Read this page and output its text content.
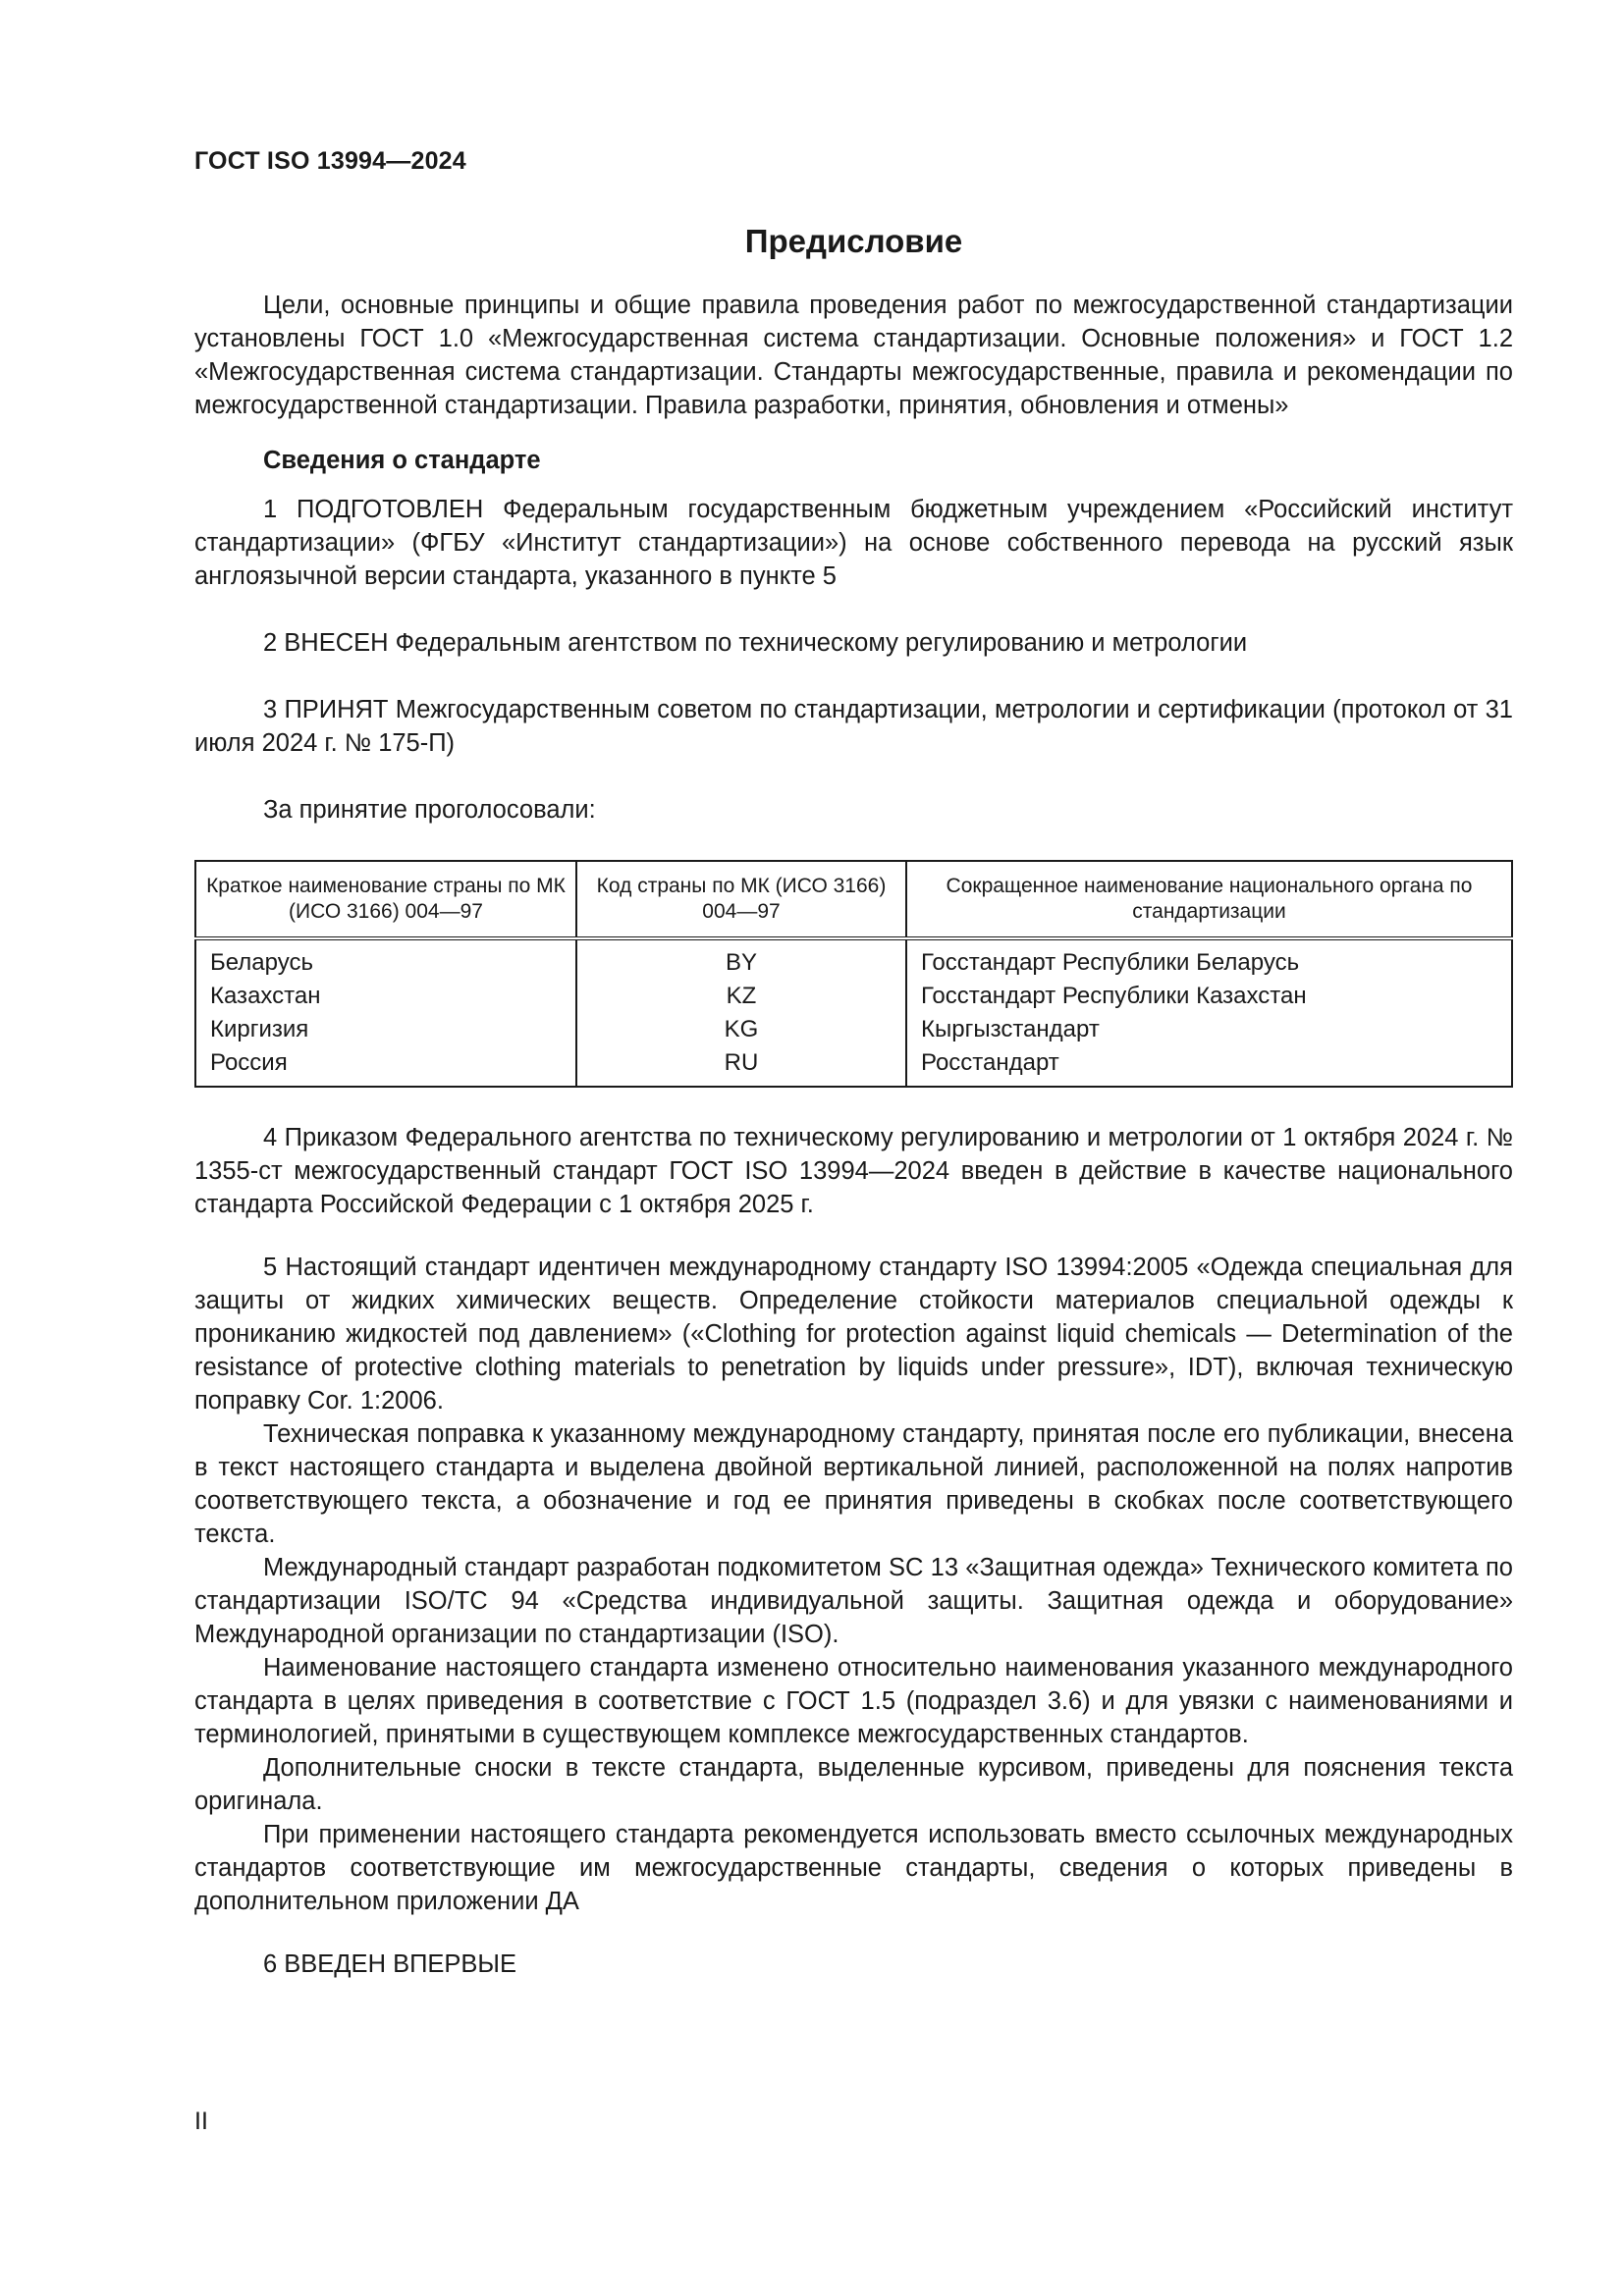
ГОСТ ISO 13994—2024
Предисловие

Цели, основные принципы и общие правила проведения работ по межгосударственной стандартизации установлены ГОСТ 1.0 «Межгосударственная система стандартизации. Основные положения» и ГОСТ 1.2 «Межгосударственная система стандартизации. Стандарты межгосударственные, правила и рекомендации по межгосударственной стандартизации. Правила разработки, принятия, обновления и отмены»

Сведения о стандарте

1 ПОДГОТОВЛЕН Федеральным государственным бюджетным учреждением «Российский институт стандартизации» (ФГБУ «Институт стандартизации») на основе собственного перевода на русский язык англоязычной версии стандарта, указанного в пункте 5

2 ВНЕСЕН Федеральным агентством по техническому регулированию и метрологии

3 ПРИНЯТ Межгосударственным советом по стандартизации, метрологии и сертификации (протокол от 31 июля 2024 г. № 175-П)

За принятие проголосовали:

Краткое наименование страны по МК (ИСО 3166) 004—97	Код страны по МК (ИСО 3166) 004—97	Сокращенное наименование национального органа по стандартизации
Беларусь	BY	Госстандарт Республики Беларусь
Казахстан	KZ	Госстандарт Республики Казахстан
Киргизия	KG	Кыргызстандарт
Россия	RU	Росстандарт

4 Приказом Федерального агентства по техническому регулированию и метрологии от 1 октября 2024 г. № 1355-ст межгосударственный стандарт ГОСТ ISO 13994—2024 введен в действие в качестве национального стандарта Российской Федерации с 1 октября 2025 г.

5 Настоящий стандарт идентичен международному стандарту ISO 13994:2005 «Одежда специальная для защиты от жидких химических веществ. Определение стойкости материалов специальной одежды к прониканию жидкостей под давлением» («Clothing for protection against liquid chemicals — Determination of the resistance of protective clothing materials to penetration by liquids under pressure», IDT), включая техническую поправку Cor. 1:2006.

Техническая поправка к указанному международному стандарту, принятая после его публикации, внесена в текст настоящего стандарта и выделена двойной вертикальной линией, расположенной на полях напротив соответствующего текста, а обозначение и год ее принятия приведены в скобках после соответствующего текста.

Международный стандарт разработан подкомитетом SC 13 «Защитная одежда» Технического комитета по стандартизации ISO/TC 94 «Средства индивидуальной защиты. Защитная одежда и оборудование» Международной организации по стандартизации (ISO).

Наименование настоящего стандарта изменено относительно наименования указанного международного стандарта в целях приведения в соответствие с ГОСТ 1.5 (подраздел 3.6) и для увязки с наименованиями и терминологией, принятыми в существующем комплексе межгосударственных стандартов.

Дополнительные сноски в тексте стандарта, выделенные курсивом, приведены для пояснения текста оригинала.

При применении настоящего стандарта рекомендуется использовать вместо ссылочных международных стандартов соответствующие им межгосударственные стандарты, сведения о которых приведены в дополнительном приложении ДА

6 ВВЕДЕН ВПЕРВЫЕ

II
